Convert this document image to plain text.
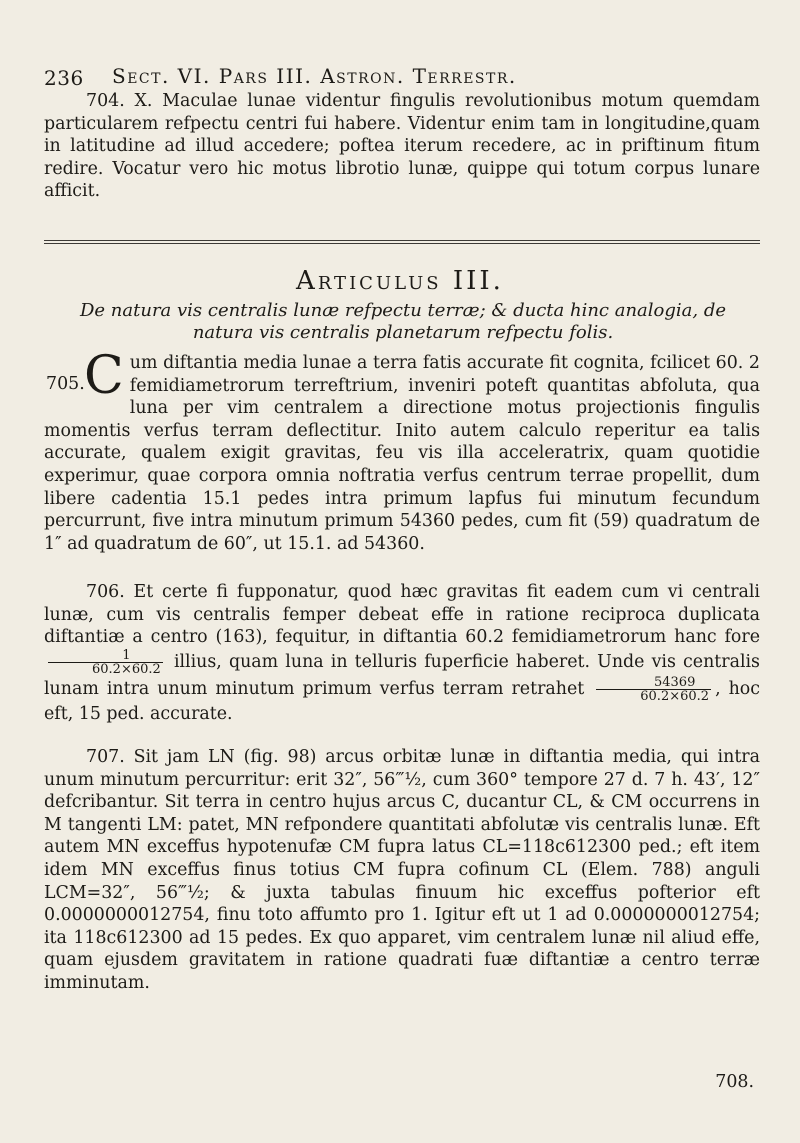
236 Sect. VI. Pars III. Astron. Terrestr.
704. X. Maculae lunae videntur fingulis revolutionibus motum quemdam particularem refpectu centri fui habere. Videntur enim tam in longitudine,quam in latitudine ad illud accedere; poftea iterum recedere, ac in priftinum fitum redire. Vocatur vero hic motus librotio lunæ, quippe qui totum corpus lunare afficit.
Articulus III.
De natura vis centralis lunæ refpectu terræ; & ducta hinc analogia, de natura vis centralis planetarum refpectu folis.
705. C um diftantia media lunae a terra fatis accurate fit cognita, fcilicet 60. 2 femidiametrorum terreftrium, inveniri poteft quantitas abfoluta, qua luna per vim centralem a directione motus projectionis fingulis momentis verfus terram deflectitur. Inito autem calculo reperitur ea talis accurate, qualem exigit gravitas, feu vis illa acceleratrix, quam quotidie experimur, quae corpora omnia noftratia verfus centrum terrae propellit, dum libere cadentia 15.1 pedes intra primum lapfus fui minutum fecundum percurrunt, five intra minutum primum 54360 pedes, cum fit (59) quadratum de 1″ ad quadratum de 60″, ut 15.1. ad 54360.
706. Et certe fi fupponatur, quod hæc gravitas fit eadem cum vi centrali lunæ, cum vis centralis femper debeat effe in ratione reciproca duplicata diftantiæ a centro (163), fequitur, in diftantia 60.2 femidiametrorum hanc fore
$\frac{1}{60.2\times 60.2}$ illius, quam luna in telluris fuperficie haberet. Unde vis centralis lunam intra unum minutum primum verfus terram retrahet $\frac{54369}{60.2\times 60.2}$ , hoc eft, 15 ped. accurate.
707. Sit jam LN (fig. 98) arcus orbitæ lunæ in diftantia media, qui intra unum minutum percurritur: erit 32″, 56‴½, cum 360° tempore 27 d. 7 h. 43′, 12″ defcribantur. Sit terra in centro hujus arcus C, ducantur CL, & CM occurrens in M tangenti LM: patet, MN refpondere quantitati abfolutæ vis centralis lunæ. Eft autem MN exceffus hypotenufæ CM fupra latus CL=118c612300 ped.; eft item idem MN exceffus finus totius CM fupra cofinum CL (Elem. 788) anguli LCM=32″, 56‴½; & juxta tabulas finuum hic exceffus pofterior eft 0.0000000012754, finu toto affumto pro 1. Igitur eft ut 1 ad 0.0000000012754; ita 118c612300 ad 15 pedes. Ex quo apparet, vim centralem lunæ nil aliud effe, quam ejusdem gravitatem in ratione quadrati fuæ diftantiæ a centro terræ imminutam.
708.
